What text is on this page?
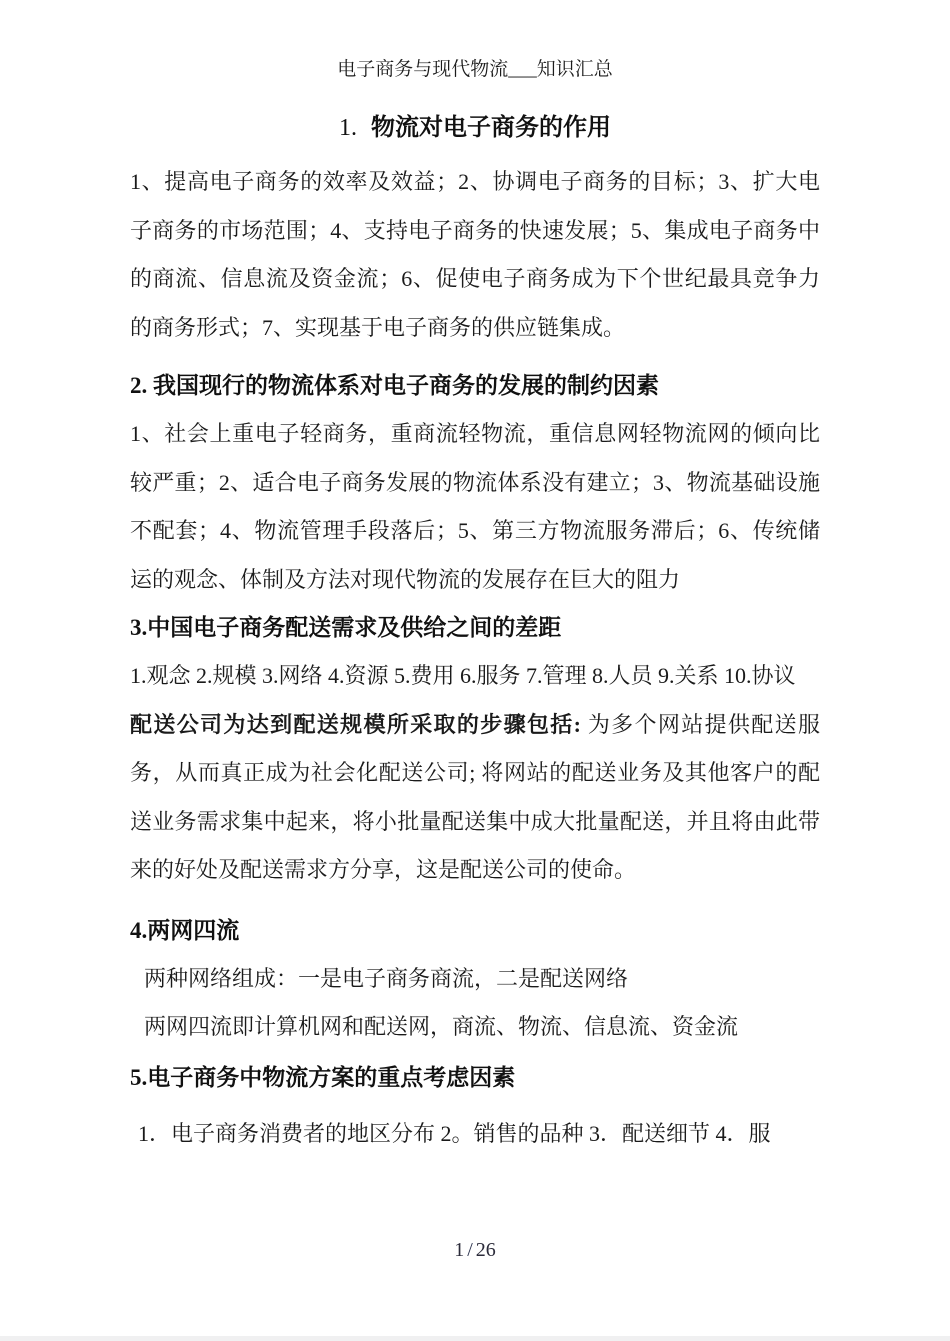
电子商务与现代物流___知识汇总
1. 物流对电子商务的作用

1、提高电子商务的效率及效益；2、协调电子商务的目标；3、扩大电子商务的市场范围；4、支持电子商务的快速发展；5、集成电子商务中的商流、信息流及资金流；6、促使电子商务成为下个世纪最具竞争力的商务形式；7、实现基于电子商务的供应链集成。

2. 我国现行的物流体系对电子商务的发展的制约因素

1、社会上重电子轻商务，重商流轻物流，重信息网轻物流网的倾向比较严重；2、适合电子商务发展的物流体系没有建立；3、物流基础设施不配套；4、物流管理手段落后；5、第三方物流服务滞后；6、传统储运的观念、体制及方法对现代物流的发展存在巨大的阻力

3.中国电子商务配送需求及供给之间的差距

1.观念 2.规模 3.网络 4.资源 5.费用 6.服务 7.管理 8.人员 9.关系 10.协议

配送公司为达到配送规模所采取的步骤包括: 为多个网站提供配送服务，从而真正成为社会化配送公司; 将网站的配送业务及其他客户的配送业务需求集中起来，将小批量配送集中成大批量配送，并且将由此带来的好处及配送需求方分享，这是配送公司的使命。

4.两网四流

两种网络组成：一是电子商务商流，二是配送网络

两网四流即计算机网和配送网，商流、物流、信息流、资金流

5.电子商务中物流方案的重点考虑因素

1．电子商务消费者的地区分布 2。销售的品种 3．配送细节 4．服

1 / 26
